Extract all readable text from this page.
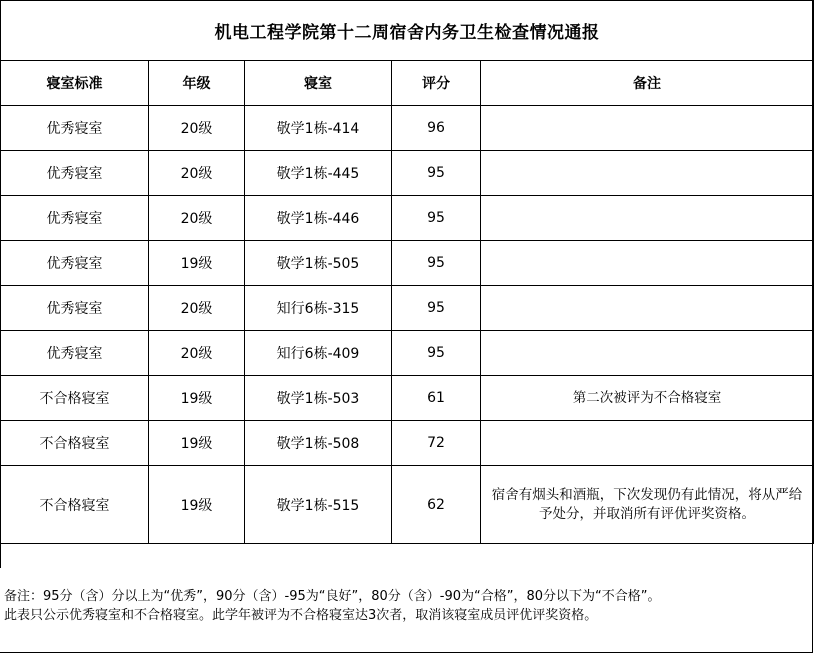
机电工程学院第十二周宿舍内务卫生检查情况通报				
寝室标准	年级	寝室	评分	备注
优秀寝室	20级	敬学1栋-414	96	
优秀寝室	20级	敬学1栋-445	95	
优秀寝室	20级	敬学1栋-446	95	
优秀寝室	19级	敬学1栋-505	95	
优秀寝室	20级	知行6栋-315	95	
优秀寝室	20级	知行6栋-409	95	
不合格寝室	19级	敬学1栋-503	61	第二次被评为不合格寝室
不合格寝室	19级	敬学1栋-508	72	
不合格寝室	19级	敬学1栋-515	62	宿舍有烟头和酒瓶，下次发现仍有此情况，将从严给予处分，并取消所有评优评奖资格。

备注：95分（含）分以上为“优秀”，90分（含）-95为“良好”，80分（含）-90为“合格”，80分以下为“不合格”。
此表只公示优秀寝室和不合格寝室。此学年被评为不合格寝室达3次者，取消该寝室成员评优评奖资格。
